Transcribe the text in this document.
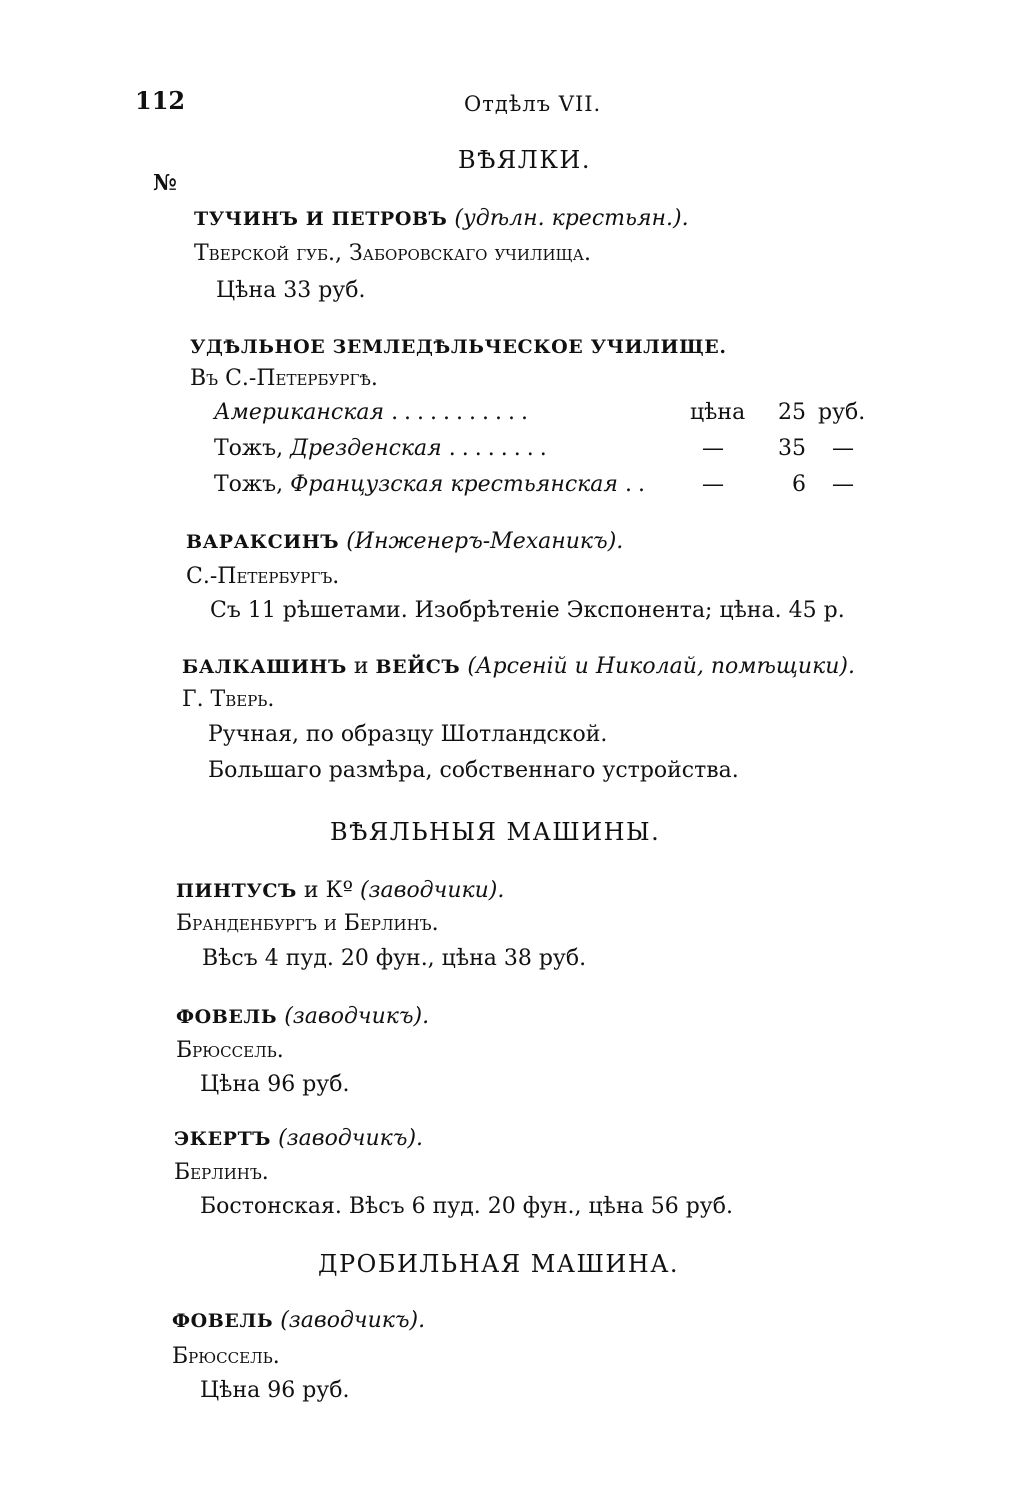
112	Отдѣлъ VII.
ВѢЯЛКИ.
№
ТУЧИНЪ И ПЕТРОВЪ (удѣлн. крестьян.).
Тверской губ., Заборовскаго училища.
Цѣна 33 руб.
УДѢЛЬНОЕ ЗЕМЛЕДѢЛЬЧЕСКОЕ УЧИЛИЩЕ.
Въ С.-Петербургѣ.
Американская ...........	цѣна	25 руб.
Тожъ, Дрезденская ........	—	35 —
Тожъ, Французская крестьянская .. —	6 —
ВАРАКСИНЪ (Инженеръ-Механикъ).
С.-Петербургъ.
Съ 11 рѣшетами. Изобрѣтеніе Экспонента; цѣна. 45 р.
БАЛКАШИНЪ и ВЕЙСЪ (Арсеній и Николай, помѣщики).
Г. Тверь.
Ручная, по образцу Шотландской.
Большаго размѣра, собственнаго устройства.
ВѢЯЛЬНЫЯ МАШИНЫ.
ПИНТУСЪ и Кº (заводчики).
Бранденбургъ и Берлинъ.
Вѣсъ 4 пуд. 20 фун., цѣна 38 руб.
ФОВЕЛЬ (заводчикъ).
Брюссель.
Цѣна 96 руб.
ЭКЕРТЪ (заводчикъ).
Берлинъ.
Бостонская. Вѣсъ 6 пуд. 20 фун., цѣна 56 руб.
ДРОБИЛЬНАЯ МАШИНА.
ФОВЕЛЬ (заводчикъ).
Брюссель.
Цѣна 96 руб.
